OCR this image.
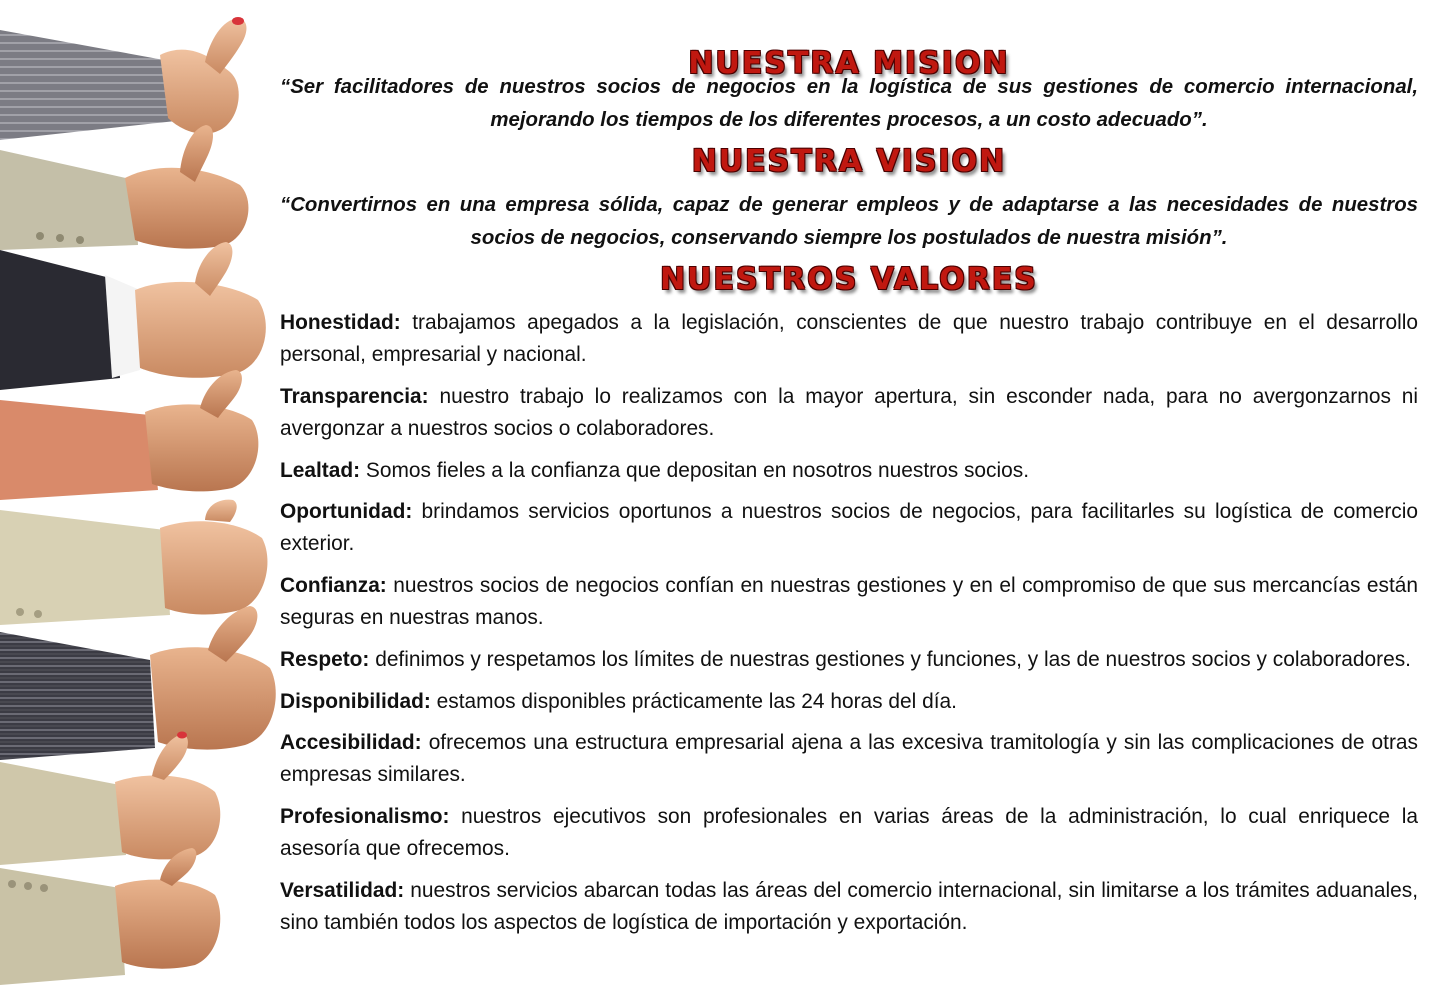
NUESTRA MISION

“Ser facilitadores de nuestros socios de negocios en la logística de sus gestiones de comercio internacional, mejorando los tiempos de los diferentes procesos, a un costo adecuado”.

NUESTRA VISION

“Convertirnos en una empresa sólida, capaz de generar empleos y de adaptarse a las necesidades de nuestros socios de negocios, conservando siempre los postulados de nuestra misión”.

NUESTROS VALORES
Honestidad: trabajamos apegados a la legislación, conscientes de que nuestro trabajo contribuye en el desarrollo personal, empresarial y nacional.
Transparencia: nuestro trabajo lo realizamos con la mayor apertura, sin esconder nada, para no avergonzarnos ni avergonzar a nuestros socios o colaboradores.
Lealtad: Somos fieles a la confianza que depositan en nosotros nuestros socios.
Oportunidad: brindamos servicios oportunos a nuestros socios de negocios, para facilitarles su logística de comercio exterior.
Confianza: nuestros socios de negocios confían en nuestras gestiones y en el compromiso de que sus mercancías están seguras en nuestras manos.
Respeto: definimos y respetamos los límites de nuestras gestiones y funciones, y las de nuestros socios y colaboradores.
Disponibilidad: estamos disponibles prácticamente las 24 horas del día.
Accesibilidad: ofrecemos una estructura empresarial ajena a las excesiva tramitología y sin las complicaciones de otras empresas similares.
Profesionalismo: nuestros ejecutivos son profesionales en varias áreas de la administración, lo cual enriquece la asesoría que ofrecemos.
Versatilidad: nuestros servicios abarcan todas las áreas del comercio internacional, sin limitarse a los trámites aduanales, sino también todos los aspectos de logística de importación y exportación.
